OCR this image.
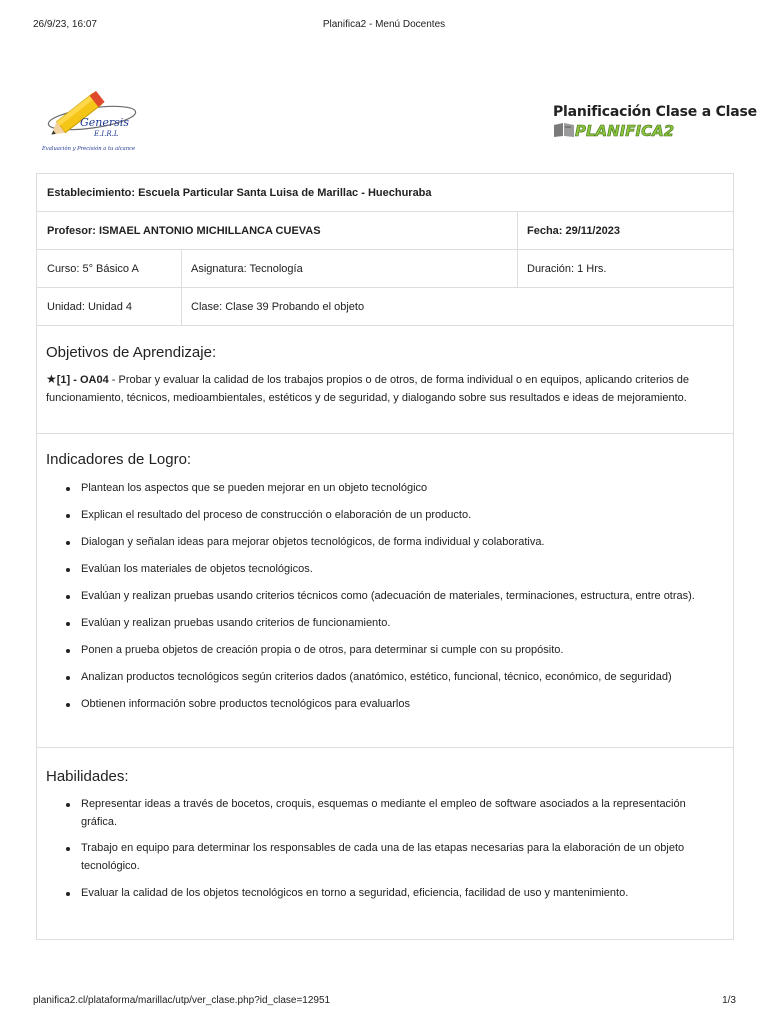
26/9/23, 16:07	Planifica2 - Menú Docentes
Genersis
E.I.R.L
Evaluación y Precisión a tu alcance
Planificación Clase a Clase
PLANIFICA2
Establecimiento: Escuela Particular Santa Luisa de Marillac - Huechuraba
Profesor: ISMAEL ANTONIO MICHILLANCA CUEVAS	Fecha: 29/11/2023
Curso: 5° Básico A	Asignatura: Tecnología	Duración: 1 Hrs.
Unidad: Unidad 4	Clase: Clase 39 Probando el objeto
Objetivos de Aprendizaje:
★[1] - OA04 - Probar y evaluar la calidad de los trabajos propios o de otros, de forma individual o en equipos, aplicando criterios de
funcionamiento, técnicos, medioambientales, estéticos y de seguridad, y dialogando sobre sus resultados e ideas de mejoramiento.
Indicadores de Logro:
Plantean los aspectos que se pueden mejorar en un objeto tecnológico
Explican el resultado del proceso de construcción o elaboración de un producto.
Dialogan y señalan ideas para mejorar objetos tecnológicos, de forma individual y colaborativa.
Evalúan los materiales de objetos tecnológicos.
Evalúan y realizan pruebas usando criterios técnicos como (adecuación de materiales, terminaciones, estructura, entre otras).
Evalúan y realizan pruebas usando criterios de funcionamiento.
Ponen a prueba objetos de creación propia o de otros, para determinar si cumple con su propósito.
Analizan productos tecnológicos según criterios dados (anatómico, estético, funcional, técnico, económico, de seguridad)
Obtienen información sobre productos tecnológicos para evaluarlos
Habilidades:
Representar ideas a través de bocetos, croquis, esquemas o mediante el empleo de software asociados a la representación
gráfica.
Trabajo en equipo para determinar los responsables de cada una de las etapas necesarias para la elaboración de un objeto
tecnológico.
Evaluar la calidad de los objetos tecnológicos en torno a seguridad, eficiencia, facilidad de uso y mantenimiento.
planifica2.cl/plataforma/marillac/utp/ver_clase.php?id_clase=12951	1/3
